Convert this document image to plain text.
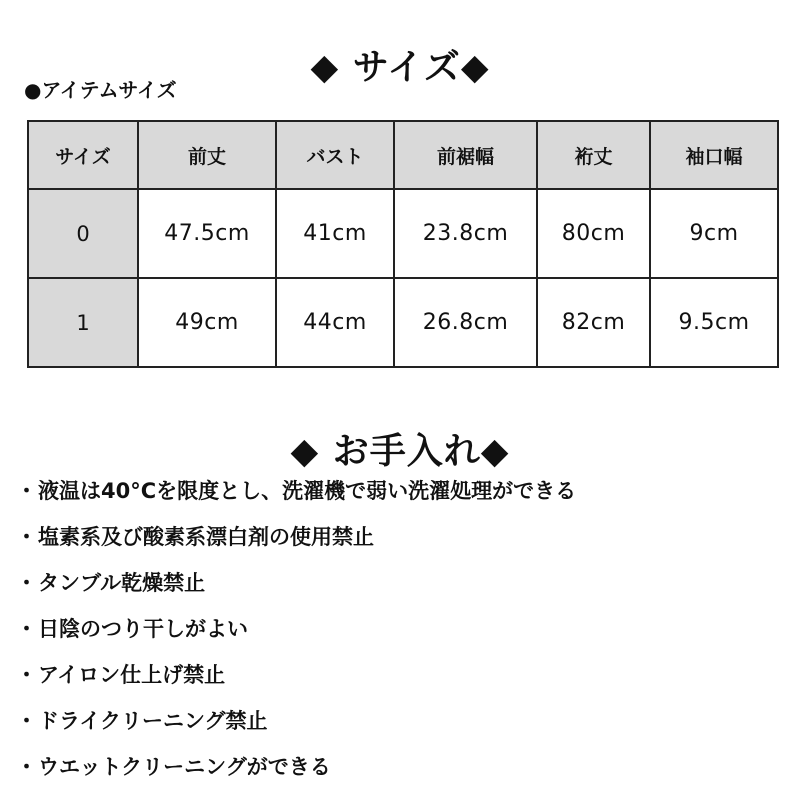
◆ サイズ◆
●アイテムサイズ
サイズ	前丈	バスト	前裾幅	裄丈	袖口幅
0	47.5cm	41cm	23.8cm	80cm	9cm
1	49cm	44cm	26.8cm	82cm	9.5cm
◆ お手入れ◆
・液温は40°Cを限度とし、洗濯機で弱い洗濯処理ができる
・塩素系及び酸素系漂白剤の使用禁止
・タンブル乾燥禁止
・日陰のつり干しがよい
・アイロン仕上げ禁止
・ドライクリーニング禁止
・ウエットクリーニングができる
